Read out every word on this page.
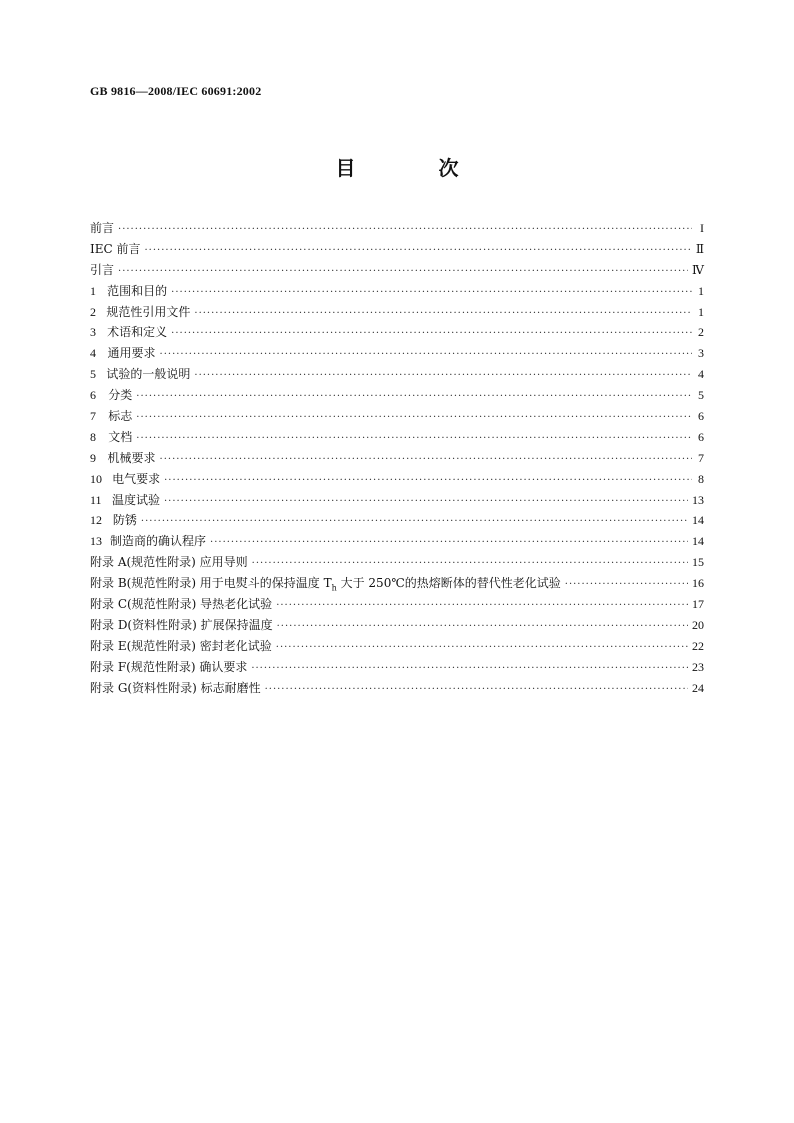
GB 9816—2008/IEC 60691:2002
目 次
前言 ·····	I
IEC 前言 ·····	Ⅱ
引言 ·····	Ⅳ
1 范围和目的 ·····	1
2 规范性引用文件 ·····	1
3 术语和定义 ·····	2
4 通用要求 ·····	3
5 试验的一般说明 ·····	4
6	分类 ·····	5
7	标志 ·····	6
8	文档 ·····	6
9 机械要求 ·····	7
10 电气要求 ·····	8
11 温度试验 ·····	13
12 防锈 ·····	14
13 制造商的确认程序 ·····	14
附录 A(规范性附录) 应用导则 ·····	15
附录 B(规范性附录) 用于电熨斗的保持温度 $T_h$ 大于 250℃的热熔断体的替代性老化试验 ·····	16
附录 C(规范性附录) 导热老化试验 ·····	17
附录 D(资料性附录) 扩展保持温度 ·····	20
附录 E(规范性附录) 密封老化试验 ·····	22
附录 F(规范性附录) 确认要求 ·····	23
附录 G(资料性附录) 标志耐磨性 ·····	24
